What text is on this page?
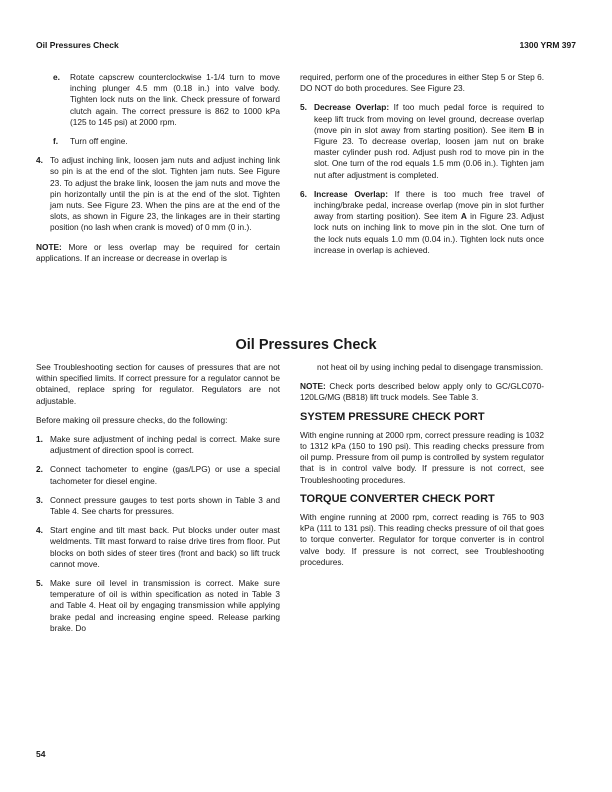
Oil Pressures Check	1300 YRM 397
e.	Rotate capscrew counterclockwise 1-1/4 turn to move inching plunger 4.5 mm (0.18 in.) into valve body. Tighten lock nuts on the link. Check pressure of forward clutch again. The correct pressure is 862 to 1000 kPa (125 to 145 psi) at 2000 rpm.
f.	Turn off engine.
4. To adjust inching link, loosen jam nuts and adjust inching link so pin is at the end of the slot. Tighten jam nuts. See Figure 23. To adjust the brake link, loosen the jam nuts and move the pin horizontally until the pin is at the end of the slot. Tighten jam nuts. See Figure 23. When the pins are at the end of the slots, as shown in Figure 23, the linkages are in their starting position (no lash when crank is moved) of 0 mm (0 in.).

NOTE: More or less overlap may be required for certain applications. If an increase or decrease in overlap is

required, perform one of the procedures in either Step 5 or Step 6. DO NOT do both procedures. See Figure 23.

5. Decrease Overlap: If too much pedal force is required to keep lift truck from moving on level ground, decrease overlap (move pin in slot away from starting position). See item B in Figure 23. To decrease overlap, loosen jam nut on brake master cylinder push rod. Adjust push rod to move pin in the slot. One turn of the rod equals 1.5 mm (0.06 in.). Tighten jam nut after adjustment is completed.
6. Increase Overlap: If there is too much free travel of inching/brake pedal, increase overlap (move pin in slot further away from starting position). See item A in Figure 23. Adjust lock nuts on inching link to move pin in the slot. One turn of the lock nuts equals 1.0 mm (0.04 in.). Tighten lock nuts once increase in overlap is achieved.
Oil Pressures Check

See Troubleshooting section for causes of pressures that are not within specified limits. If correct pressure for a regulator cannot be obtained, replace spring for regulator. Regulators are not adjustable.

Before making oil pressure checks, do the following:

1. Make sure adjustment of inching pedal is correct. Make sure adjustment of direction spool is correct.
2. Connect tachometer to engine (gas/LPG) or use a special tachometer for diesel engine.
3. Connect pressure gauges to test ports shown in Table 3 and Table 4. See charts for pressures.
4. Start engine and tilt mast back. Put blocks under outer mast weldments. Tilt mast forward to raise drive tires from floor. Put blocks on both sides of steer tires (front and back) so lift truck cannot move.
5. Make sure oil level in transmission is correct. Make sure temperature of oil is within specification as noted in Table 3 and Table 4. Heat oil by engaging transmission while applying brake pedal and increasing engine speed. Release parking brake. Do

not heat oil by using inching pedal to disengage transmission.

NOTE: Check ports described below apply only to GC/GLC070-120LG/MG (B818) lift truck models. See Table 3.

SYSTEM PRESSURE CHECK PORT

With engine running at 2000 rpm, correct pressure reading is 1032 to 1312 kPa (150 to 190 psi). This reading checks pressure from oil pump. Pressure from oil pump is controlled by system regulator that is in control valve body. If pressure is not correct, see Troubleshooting procedures.

TORQUE CONVERTER CHECK PORT

With engine running at 2000 rpm, correct reading is 765 to 903 kPa (111 to 131 psi). This reading checks pressure of oil that goes to torque converter. Regulator for torque converter is in control valve body. If pressure is not correct, see Troubleshooting procedures.

54
